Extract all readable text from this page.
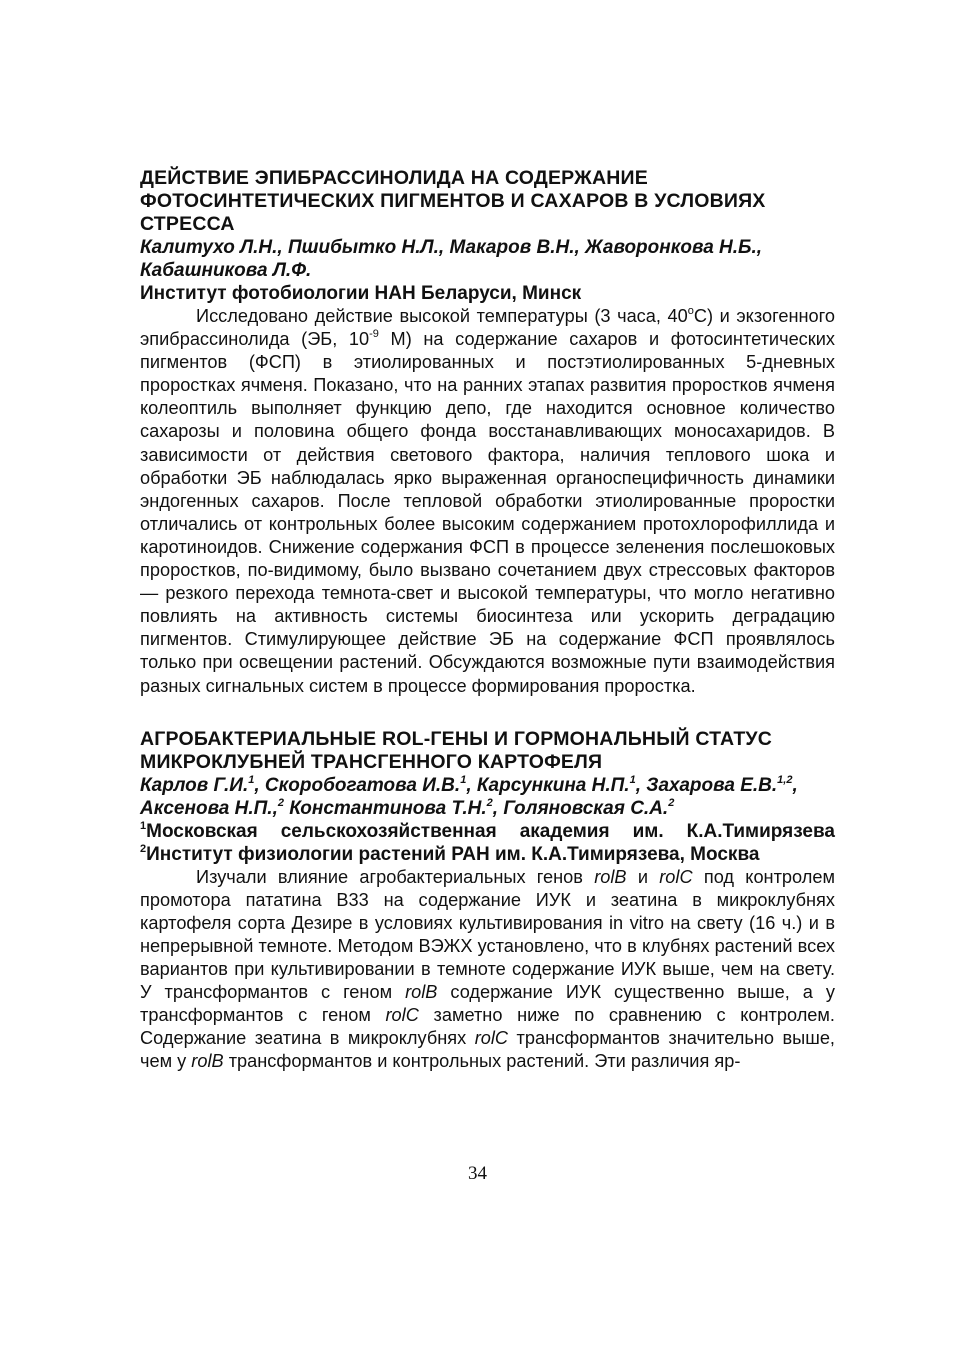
ДЕЙСТВИЕ ЭПИБРАССИНОЛИДА НА СОДЕРЖАНИЕ ФОТОСИНТЕТИЧЕСКИХ ПИГМЕНТОВ И САХАРОВ В УСЛОВИЯХ СТРЕССА

Калитухо Л.Н., Пшибытко Н.Л., Макаров В.Н., Жаворонкова Н.Б., Кабашникова Л.Ф.

Институт фотобиологии НАН Беларуси, Минск

Исследовано действие высокой температуры (3 часа, 40$^o$С) и экзогенного эпибрассинолида (ЭБ, $10^{-9}$ М) на содержание сахаров и фотосинтетических пигментов (ФСП) в этиолированных и постэтиолированных 5-дневных проростках ячменя. Показано, что на ранних этапах развития проростков ячменя колеоптиль выполняет функцию депо, где находится основное количество сахарозы и половина общего фонда восстанавливающих моносахаридов. В зависимости от действия светового фактора, наличия теплового шока и обработки ЭБ наблюдалась ярко выраженная органоспецифичность динамики эндогенных сахаров. После тепловой обработки этиолированные проростки отличались от контрольных более высоким содержанием протохлорофиллида и каротиноидов. Снижение содержания ФСП в процессе зеленения послешоковых проростков, по-видимому, было вызвано сочетанием двух стрессовых факторов — резкого перехода темнота-свет и высокой температуры, что могло негативно повлиять на активность системы биосинтеза или ускорить деградацию пигментов. Стимулирующее действие ЭБ на содержание ФСП проявлялось только при освещении растений. Обсуждаются возможные пути взаимодействия разных сигнальных систем в процессе формирования проростка.

АГРОБАКТЕРИАЛЬНЫЕ ROL-ГЕНЫ И ГОРМОНАЛЬНЫЙ СТАТУС МИКРОКЛУБНЕЙ ТРАНСГЕННОГО КАРТОФЕЛЯ

Карлов Г.И.$^1$, Скоробогатова И.В.$^1$, Карсункина Н.П.$^1$, Захарова Е.В.$^{1,2}$, Аксенова Н.П.,$^2$ Константинова Т.Н.$^2$, Голяновская С.А.$^2$

$^1$Московская сельскохозяйственная академия им. К.А.Тимирязева

$^2$Институт физиологии растений РАН им. К.А.Тимирязева, Москва

Изучали влияние агробактериальных генов rolB и rolC под контролем промотора пататина В33 на содержание ИУК и зеатина в микроклубнях картофеля сорта Дезире в условиях культивирования in vitro на свету (16 ч.) и в непрерывной темноте. Методом ВЭЖХ установлено, что в клубнях растений всех вариантов при культивировании в темноте содержание ИУК выше, чем на свету. У трансформантов с геном rolB содержание ИУК существенно выше, а у трансформантов с геном rolC заметно ниже по сравнению с контролем. Содержание зеатина в микроклубнях rolC трансформантов значительно выше, чем у rolB трансформантов и контрольных растений. Эти различия яр-

34
